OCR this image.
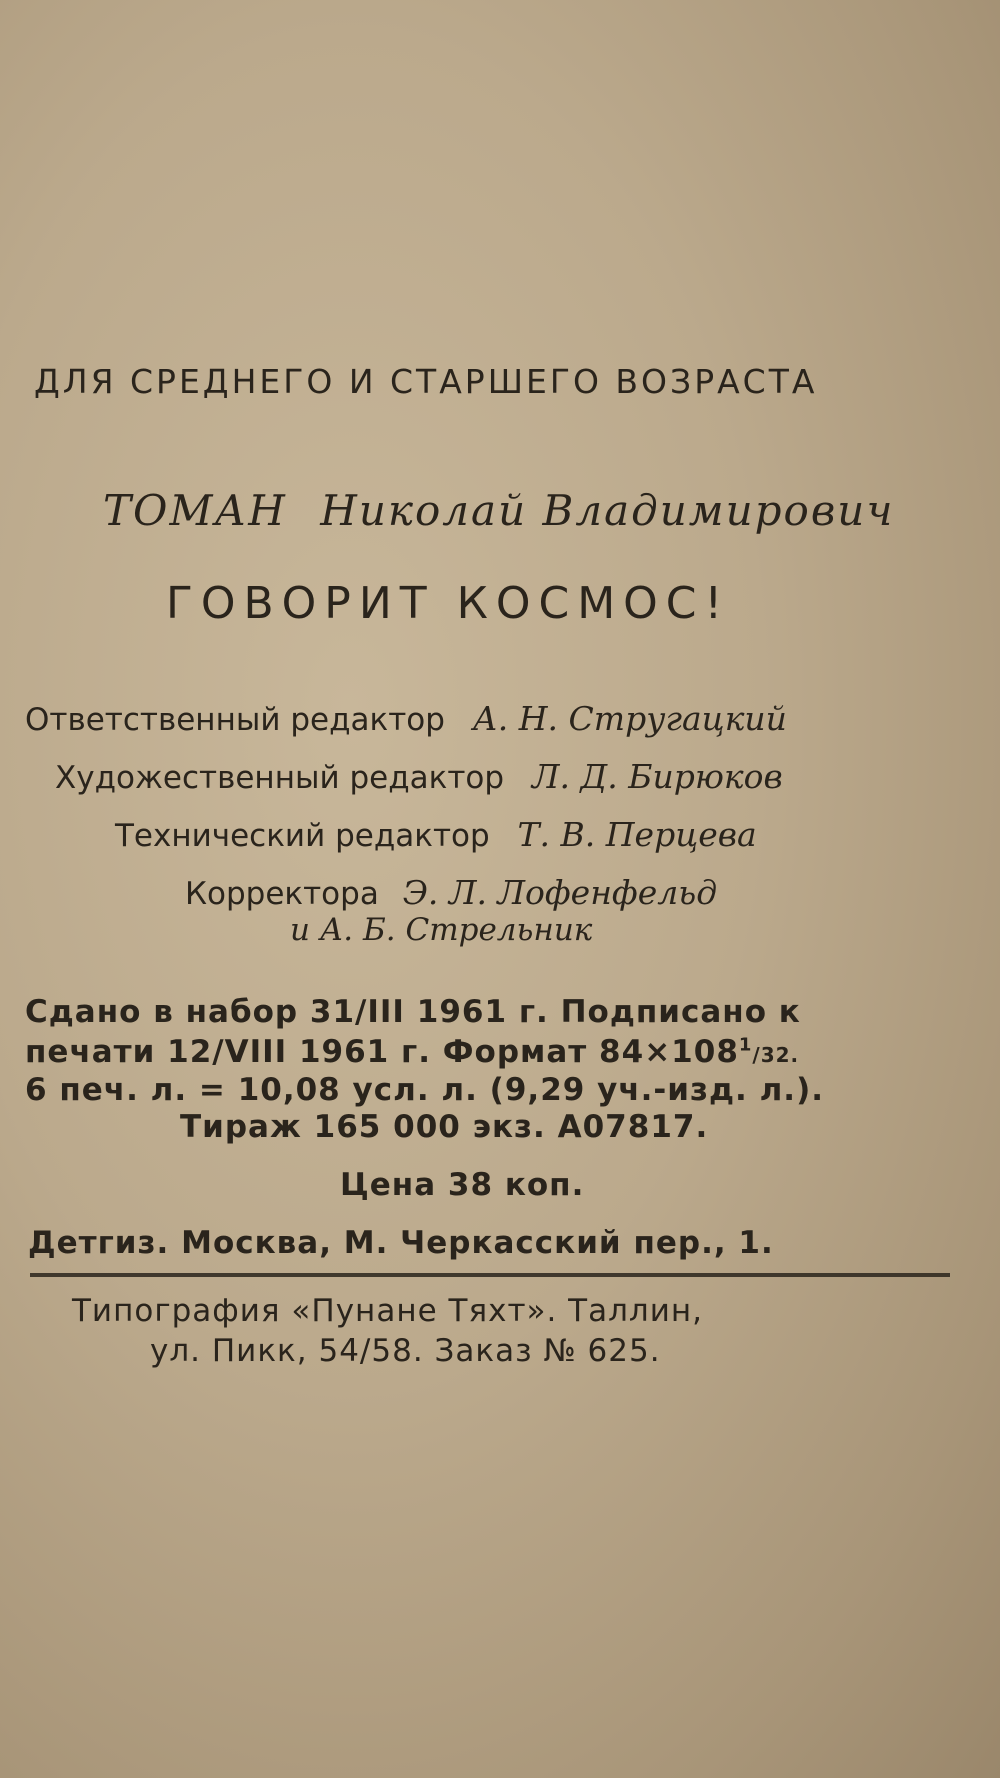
ДЛЯ СРЕДНЕГО И СТАРШЕГО ВОЗРАСТА
ТОМАН Николай Владимирович
ГОВОРИТ КОСМОС!
Ответственный редактор А. Н. Стругацкий
Художественный редактор Л. Д. Бирюков
Технический редактор Т. В. Перцева
Корректора Э. Л. Лофенфельд
и А. Б. Стрельник
Сдано в набор 31/III 1961 г. Подписано к
печати 12/VIII 1961 г. Формат $84\times 108^1/32$.
6 печ. л. = 10,08 усл. л. (9,29 уч.-изд. л.).
Тираж 165 000 экз. А07817.
Цена 38 коп.
Детгиз. Москва, М. Черкасский пер., 1.
Типография «Пунане Тяхт». Таллин,
ул. Пикк, 54/58. Заказ № 625.
